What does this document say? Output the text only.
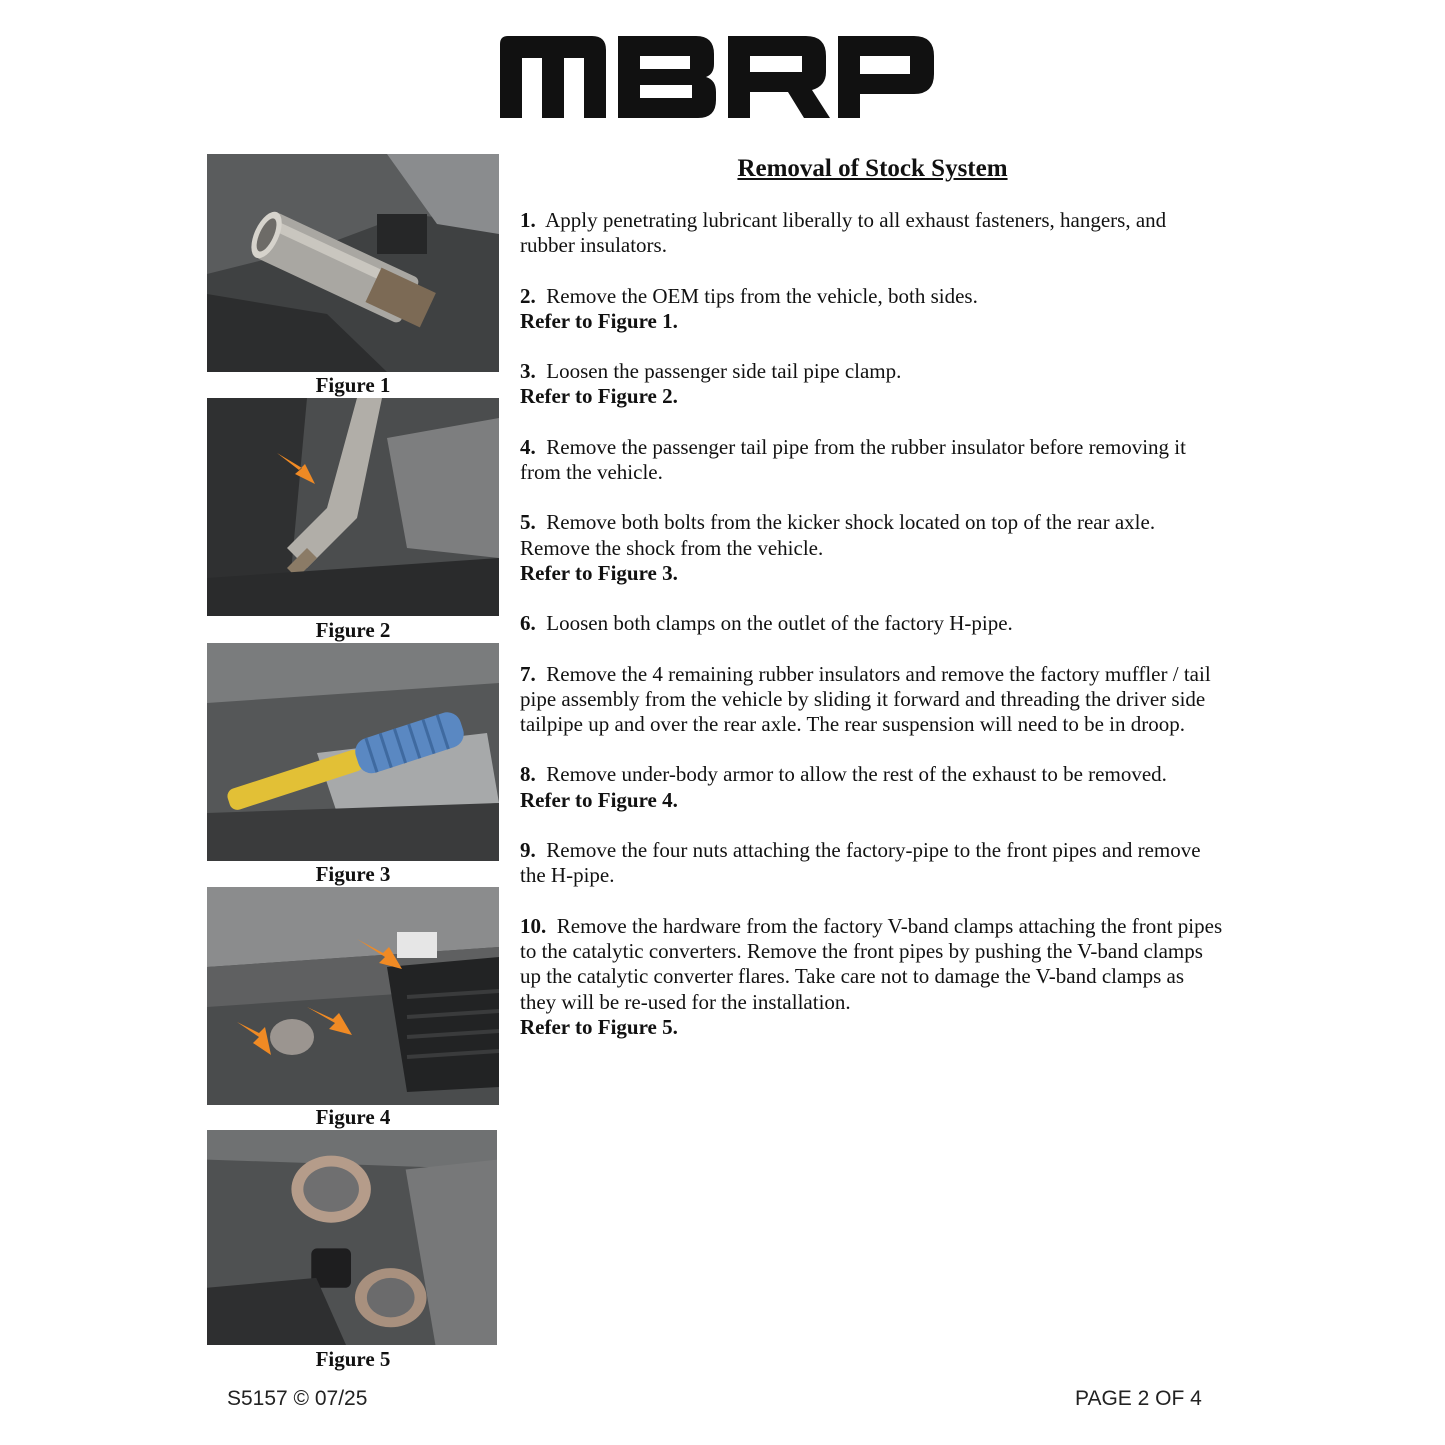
Figure 1
Figure 2
Figure 3
Figure 4
Figure 5
Removal of Stock System
1. Apply penetrating lubricant liberally to all exhaust fasteners, hangers, and rubber insulators.
2. Remove the OEM tips from the vehicle, both sides.
Refer to Figure 1.
3. Loosen the passenger side tail pipe clamp.
Refer to Figure 2.
4. Remove the passenger tail pipe from the rubber insulator before removing it from the vehicle.
5. Remove both bolts from the kicker shock located on top of the rear axle. Remove the shock from the vehicle.
Refer to Figure 3.
6. Loosen both clamps on the outlet of the factory H-pipe.
7. Remove the 4 remaining rubber insulators and remove the factory muffler / tail pipe assembly from the vehicle by sliding it forward and threading the driver side tailpipe up and over the rear axle. The rear suspension will need to be in droop.
8. Remove under-body armor to allow the rest of the exhaust to be removed.
Refer to Figure 4.
9. Remove the four nuts attaching the factory-pipe to the front pipes and remove the H-pipe.
10. Remove the hardware from the factory V-band clamps attaching the front pipes to the catalytic converters. Remove the front pipes by pushing the V-band clamps up the catalytic converter flares. Take care not to damage the V-band clamps as they will be re-used for the installation.
Refer to Figure 5.
S5157 © 07/25	PAGE 2 OF 4
